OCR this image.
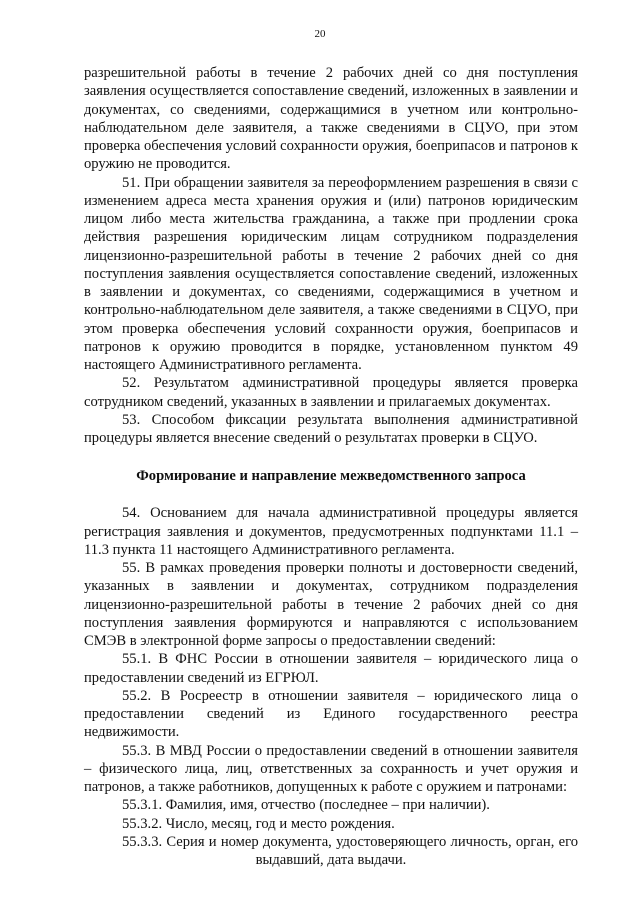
20

разрешительной работы в течение 2 рабочих дней со дня поступления заявления осуществляется сопоставление сведений, изложенных в заявлении и документах, со сведениями, содержащимися в учетном или контрольно-наблюдательном деле заявителя, а также сведениями в СЦУО, при этом проверка обеспечения условий сохранности оружия, боеприпасов и патронов к оружию не проводится.

51. При обращении заявителя за переоформлением разрешения в связи с изменением адреса места хранения оружия и (или) патронов юридическим лицом либо места жительства гражданина, а также при продлении срока действия разрешения юридическим лицам сотрудником подразделения лицензионно-разрешительной работы в течение 2 рабочих дней со дня поступления заявления осуществляется сопоставление сведений, изложенных в заявлении и документах, со сведениями, содержащимися в учетном и контрольно-наблюдательном деле заявителя, а также сведениями в СЦУО, при этом проверка обеспечения условий сохранности оружия, боеприпасов и патронов к оружию проводится в порядке, установленном пунктом 49 настоящего Административного регламента.

52. Результатом административной процедуры является проверка сотрудником сведений, указанных в заявлении и прилагаемых документах.

53. Способом фиксации результата выполнения административной процедуры является внесение сведений о результатах проверки в СЦУО.

Формирование и направление межведомственного запроса

54. Основанием для начала административной процедуры является регистрация заявления и документов, предусмотренных подпунктами 11.1 – 11.3 пункта 11 настоящего Административного регламента.

55. В рамках проведения проверки полноты и достоверности сведений, указанных в заявлении и документах, сотрудником подразделения лицензионно-разрешительной работы в течение 2 рабочих дней со дня поступления заявления формируются и направляются с использованием СМЭВ в электронной форме запросы о предоставлении сведений:

55.1. В ФНС России в отношении заявителя – юридического лица о предоставлении сведений из ЕГРЮЛ.

55.2. В Росреестр в отношении заявителя – юридического лица о предоставлении сведений из Единого государственного реестра недвижимости.

55.3. В МВД России о предоставлении сведений в отношении заявителя – физического лица, лиц, ответственных за сохранность и учет оружия и патронов, а также работников, допущенных к работе с оружием и патронами:

55.3.1. Фамилия, имя, отчество (последнее – при наличии).

55.3.2. Число, месяц, год и место рождения.

55.3.3. Серия и номер документа, удостоверяющего личность, орган, его выдавший, дата выдачи.
